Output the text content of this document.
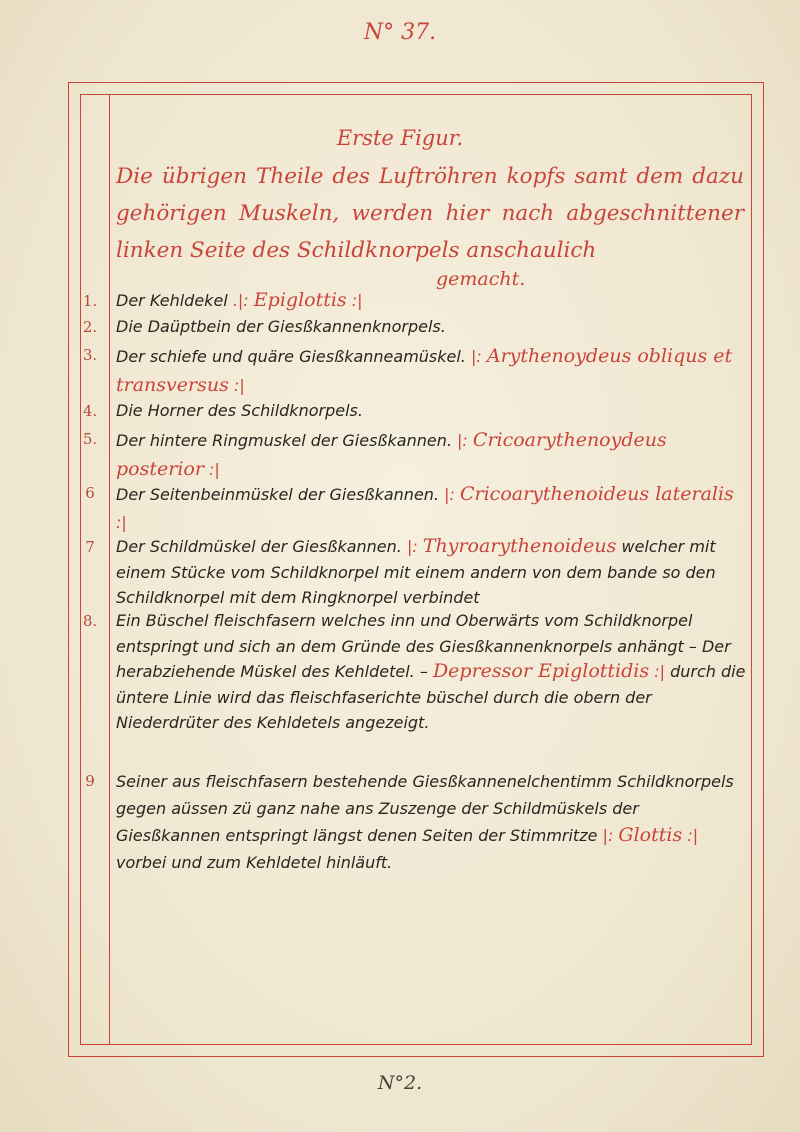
N° 37.
Erste Figur.
Die übrigen Theile des Luftröhren kopfs samt dem dazu gehörigen Muskeln, werden hier nach abgeschnittener linken Seite des Schildknorpels anschaulich
gemacht.
1.	Der Kehldekel .|: Epiglottis :|
2.	Die Daüptbein der Giesßkannenknorpels.
3.	Der schiefe und quäre Giesßkanneamüskel. |: Arythenoydeus obliqus et transversus :|
4.	Die Horner des Schildknorpels.
5.	Der hintere Ringmuskel der Giesßkannen. |: Cricoarythenoydeus posterior :|
6	Der Seitenbeinmüskel der Giesßkannen. |: Cricoarythenoideus lateralis :|
7	Der Schildmüskel der Giesßkannen. |: Thyroarythenoideus welcher mit einem Stücke vom Schildknorpel mit einem andern von dem bande so den Schildknorpel mit dem Ringknorpel verbindet
8.	Ein Büschel fleischfasern welches inn und Oberwärts vom Schildknorpel entspringt und sich an dem Gründe des Giesßkannenknorpels anhängt – Der herabziehende Müskel des Kehldetel. – Depressor Epiglottidis :| durch die üntere Linie wird das fleischfaserichte büschel durch die obern der Niederdrüter des Kehldetels angezeigt.
9	Seiner aus fleischfasern bestehende Giesßkannenelchentimm Schildknorpels gegen aüssen zü ganz nahe ans Zuszenge der Schildmüskels der Giesßkannen entspringt längst denen Seiten der Stimmritze |: Glottis :| vorbei und zum Kehldetel hinläuft.
N°2.
